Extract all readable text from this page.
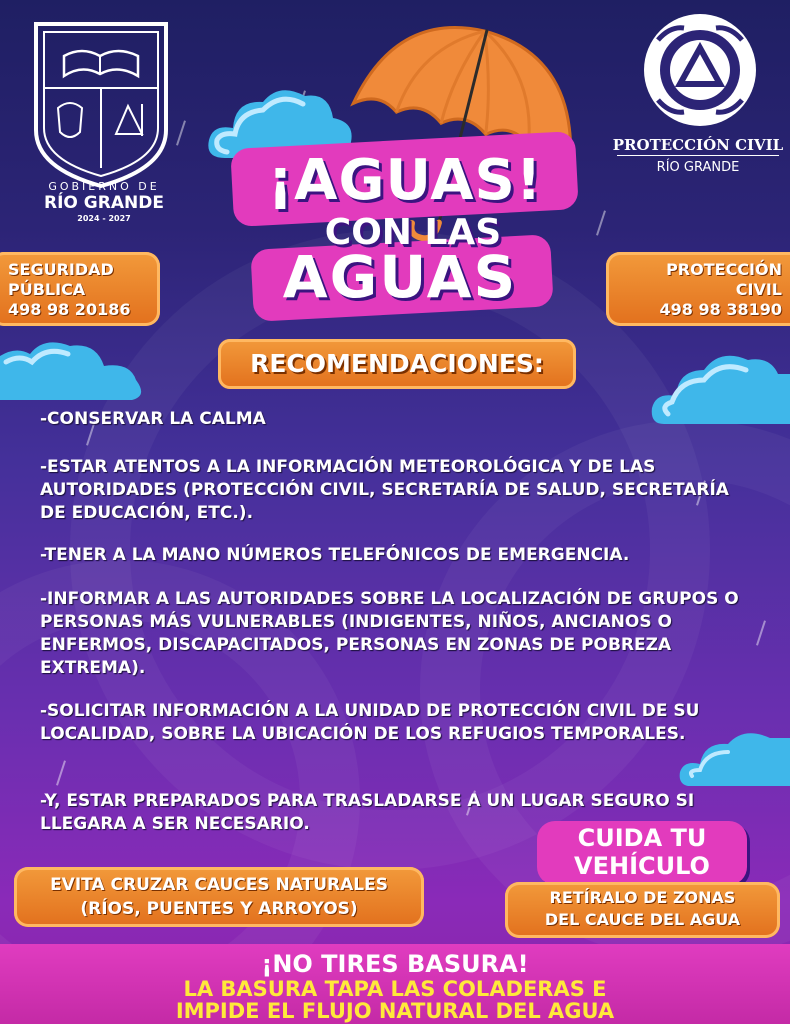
¡AGUAS!
CON LAS
AGUAS
GOBIERNO DE
RÍO GRANDE
2024 - 2027
PROTECCIÓN CIVIL
RÍO GRANDE
SEGURIDAD
PÚBLICA
498 98 20186
PROTECCIÓN
CIVIL
498 98 38190
RECOMENDACIONES:
-CONSERVAR LA CALMA
-ESTAR ATENTOS A LA INFORMACIÓN METEOROLÓGICA Y DE LAS AUTORIDADES (PROTECCIÓN CIVIL, SECRETARÍA DE SALUD, SECRETARÍA DE EDUCACIÓN, ETC.).
-TENER A LA MANO NÚMEROS TELEFÓNICOS DE EMERGENCIA.
-INFORMAR A LAS AUTORIDADES SOBRE LA LOCALIZACIÓN DE GRUPOS O PERSONAS MÁS VULNERABLES (INDIGENTES, NIÑOS, ANCIANOS O ENFERMOS, DISCAPACITADOS, PERSONAS EN ZONAS DE POBREZA EXTREMA).
-SOLICITAR INFORMACIÓN A LA UNIDAD DE PROTECCIÓN CIVIL DE SU LOCALIDAD, SOBRE LA UBICACIÓN DE LOS REFUGIOS TEMPORALES.
-Y, ESTAR PREPARADOS PARA TRASLADARSE A UN LUGAR SEGURO SI LLEGARA A SER NECESARIO.	CUIDA TU
VEHÍCULO
EVITA CRUZAR CAUCES NATURALES
(RÍOS, PUENTES Y ARROYOS)
RETÍRALO DE ZONAS
DEL CAUCE DEL AGUA
¡NO TIRES BASURA!
LA BASURA TAPA LAS COLADERAS E
IMPIDE EL FLUJO NATURAL DEL AGUA
